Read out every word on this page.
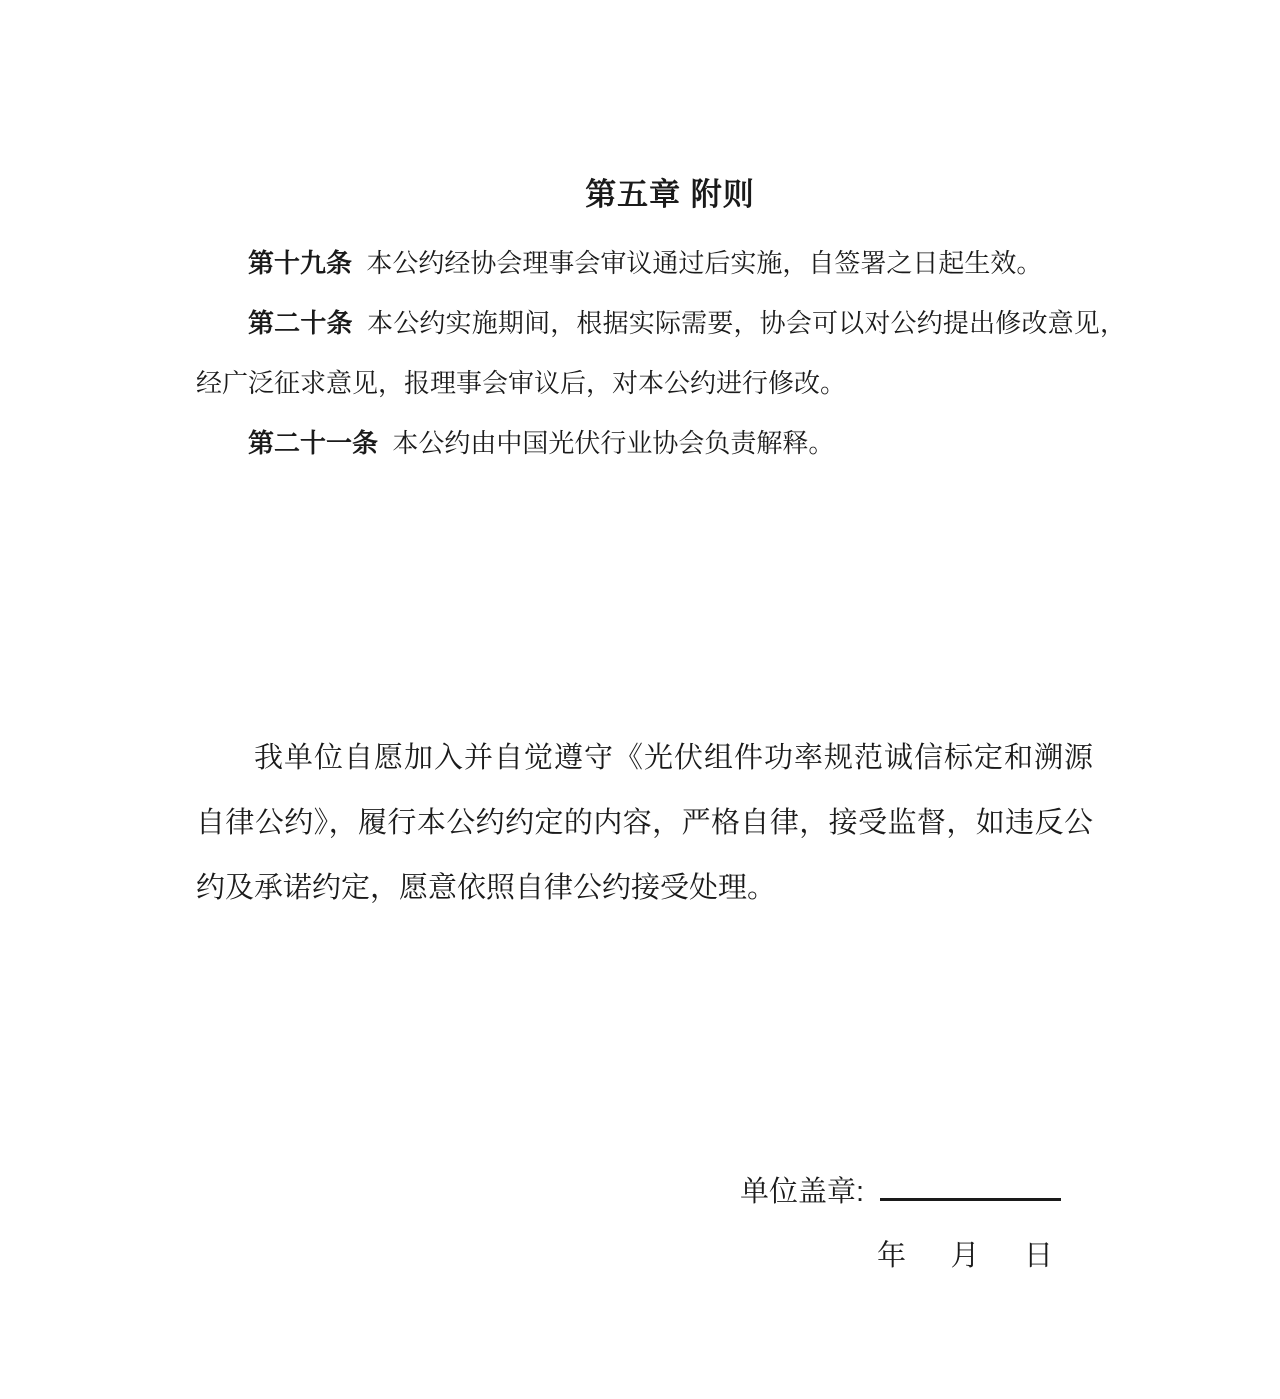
第五章 附则

第十九条 本公约经协会理事会审议通过后实施，自签署之日起生效。

第二十条 本公约实施期间，根据实际需要，协会可以对公约提出修改意见，经广泛征求意见，报理事会审议后，对本公约进行修改。

第二十一条 本公约由中国光伏行业协会负责解释。

我单位自愿加入并自觉遵守《光伏组件功率规范诚信标定和溯源自律公约》，履行本公约约定的内容，严格自律，接受监督，如违反公约及承诺约定，愿意依照自律公约接受处理。

单位盖章:
年 月 日
